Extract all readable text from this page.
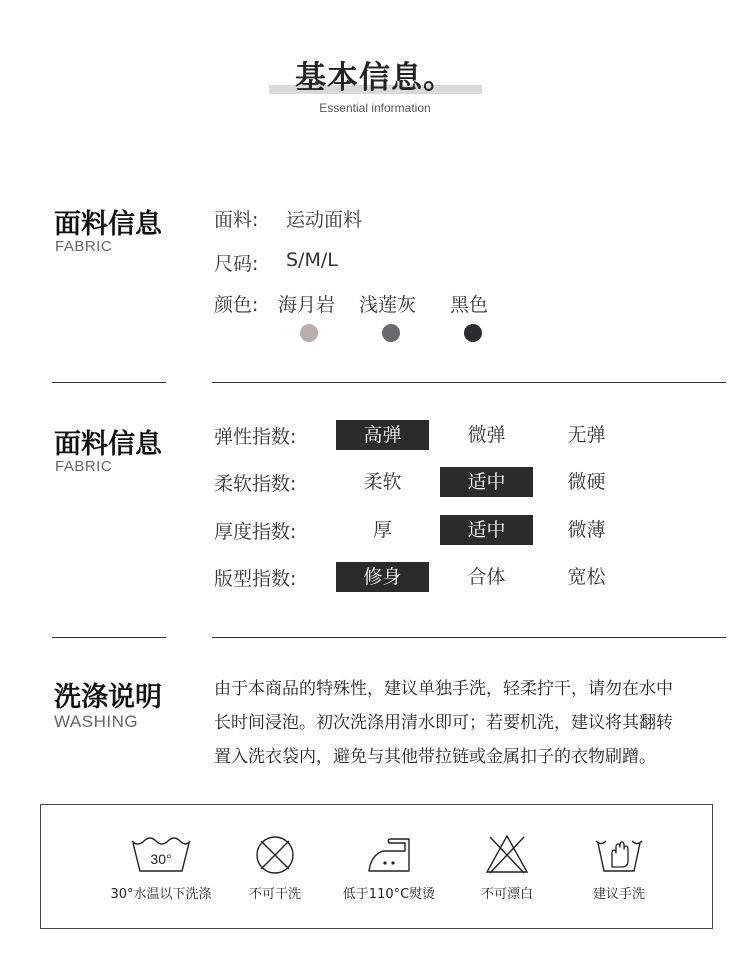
基本信息。
Essential information
面料信息
FABRIC
面料: 运动面料
尺码: S/M/L
颜色: 海月岩 浅莲灰 黑色
面料信息
FABRIC
弹性指数:	高弹	微弹	无弹
柔软指数:	柔软	适中	微硬
厚度指数:	厚	适中	微薄
版型指数:	修身	合体	宽松
洗涤说明
WASHING
由于本商品的特殊性，建议单独手洗，轻柔拧干，请勿在水中
长时间浸泡。初次洗涤用清水即可；若要机洗，建议将其翻转
置入洗衣袋内，避免与其他带拉链或金属扣子的衣物刷蹭。
30°
30°水温以下洗涤	不可干洗	低于110°C熨烫	不可漂白	建议手洗
